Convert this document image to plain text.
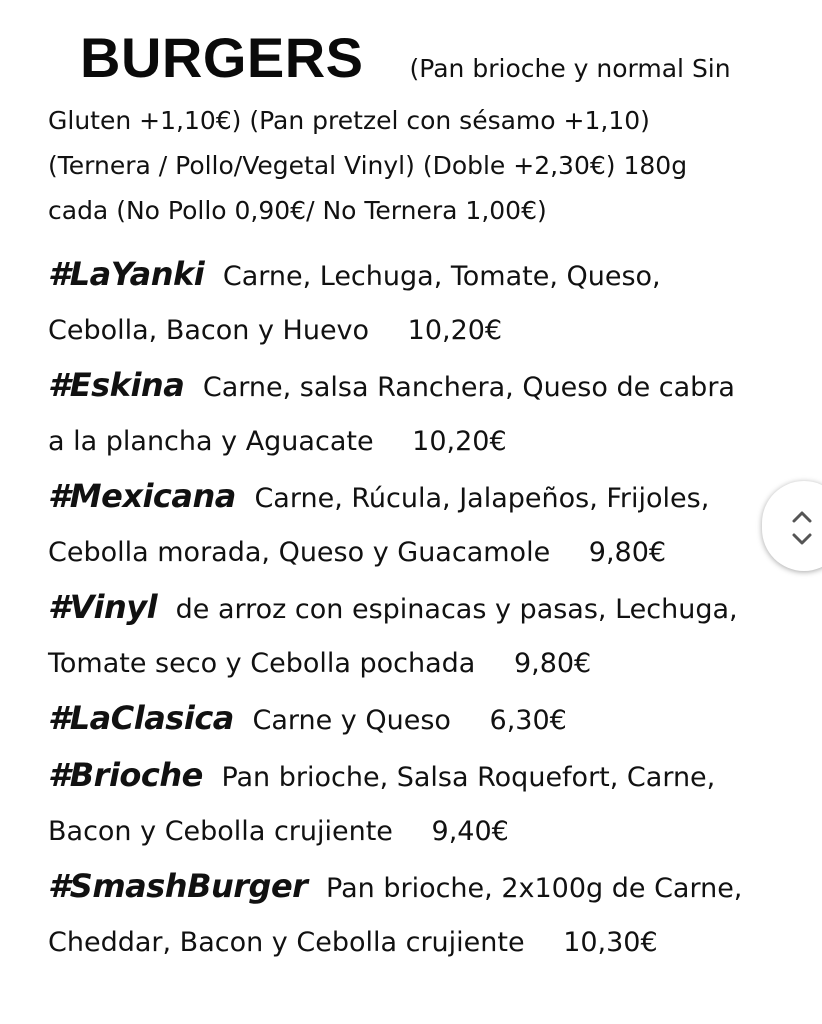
BURGERS (Pan brioche y normal Sin
Gluten +1,10€) (Pan pretzel con sésamo +1,10)
(Ternera / Pollo/Vegetal Vinyl) (Doble +2,30€) 180g
cada (No Pollo 0,90€/ No Ternera 1,00€)
#LaYanki Carne, Lechuga, Tomate, Queso,
Cebolla, Bacon y Huevo 10,20€
#Eskina Carne, salsa Ranchera, Queso de cabra
a la plancha y Aguacate 10,20€
#Mexicana Carne, Rúcula, Jalapeños, Frijoles,
Cebolla morada, Queso y Guacamole 9,80€
#Vinyl de arroz con espinacas y pasas, Lechuga,
Tomate seco y Cebolla pochada 9,80€
#LaClasica Carne y Queso 6,30€
#Brioche Pan brioche, Salsa Roquefort, Carne,
Bacon y Cebolla crujiente 9,40€
#SmashBurger Pan brioche, 2x100g de Carne,
Cheddar, Bacon y Cebolla crujiente 10,30€
